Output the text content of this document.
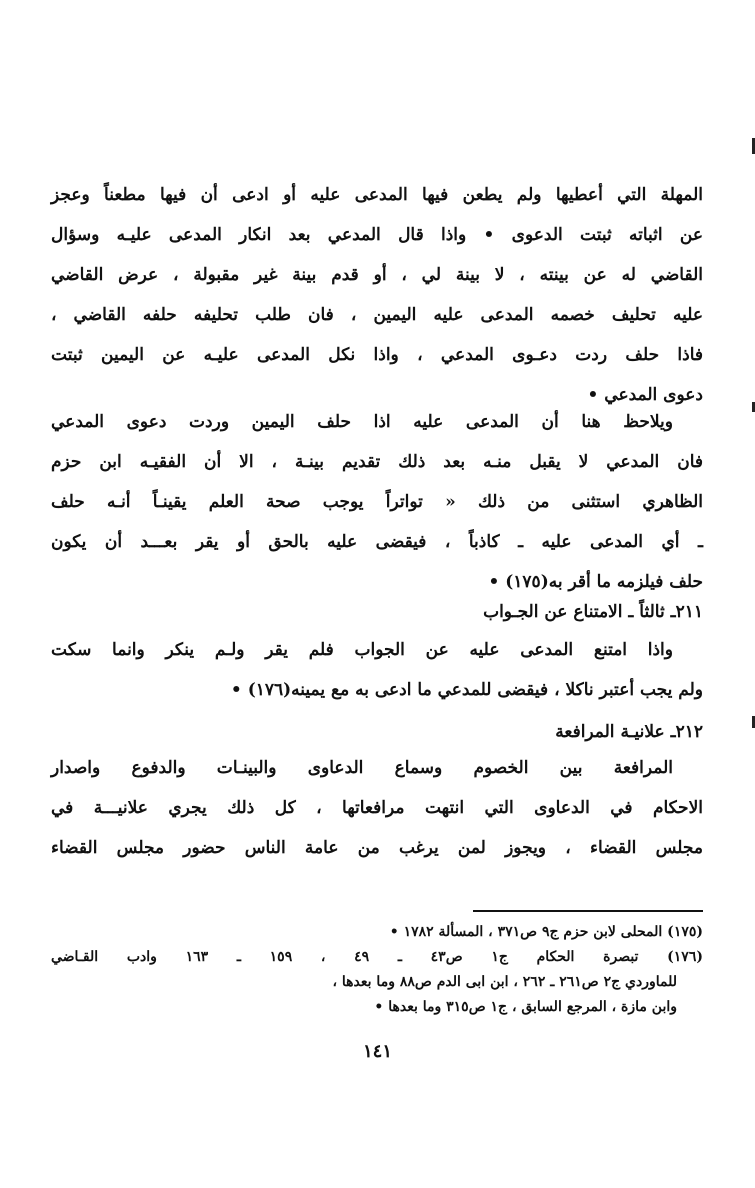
المهلة التي أعطيها ولم يطعن فيها المدعى عليه أو ادعى أن فيها مطعناً وعجز
عن اثباته ثبتت الدعوى • واذا قال المدعي بعد انكار المدعى عليـه وسؤال
القاضي له عن بينته ، لا بينة لي ، أو قدم بينة غير مقبولة ، عرض القاضي
عليه تحليف خصمه المدعى عليه اليمين ، فان طلب تحليفه حلفه القاضي ،
فاذا حلف ردت دعـوى المدعي ، واذا نكل المدعى عليـه عن اليمين ثبتت
دعوى المدعي •
ويلاحظ هنا أن المدعى عليه اذا حلف اليمين وردت دعوى المدعي
فان المدعي لا يقبل منـه بعد ذلك تقديم بينـة ، الا أن الفقيـه ابن حزم
الظاهري استثنى من ذلك « تواتراً يوجب صحة العلم يقينـاً أنـه حلف
ـ أي المدعى عليه ـ كاذباً ، فيقضى عليه بالحق أو يقر بعـــد أن يكون
حلف فيلزمه ما أقر به(١٧٥) •
٢١١ـ ثالثاً ـ الامتناع عن الجـواب
واذا امتنع المدعى عليه عن الجواب فلم يقر ولـم ينكر وانما سكت
ولم يجب أعتبر ناكلا ، فيقضى للمدعي ما ادعى به مع يمينه(١٧٦) •
٢١٢ـ علانيـة المرافعة
المرافعة بين الخصوم وسماع الدعاوى والبينـات والدفوع واصدار
الاحكام في الدعاوى التي انتهت مرافعاتها ، كل ذلك يجري علانيـــة في
مجلس القضاء ، ويجوز لمن يرغب من عامة الناس حضور مجلس القضاء
(١٧٥) المحلى لابن حزم ج٩ ص٣٧١ ، المسألة ١٧٨٢ •
(١٧٦) تبصرة الحكام ج١ ص٤٣ ـ ٤٩ ، ١٥٩ ـ ١٦٣ وادب القـاضي
للماوردي ج٢ ص٢٦١ ـ ٢٦٢ ، ابن ابى الدم ص٨٨ وما بعدها ،
وابن مازة ، المرجع السابق ، ج١ ص٣١٥ وما بعدها •
١٤١
